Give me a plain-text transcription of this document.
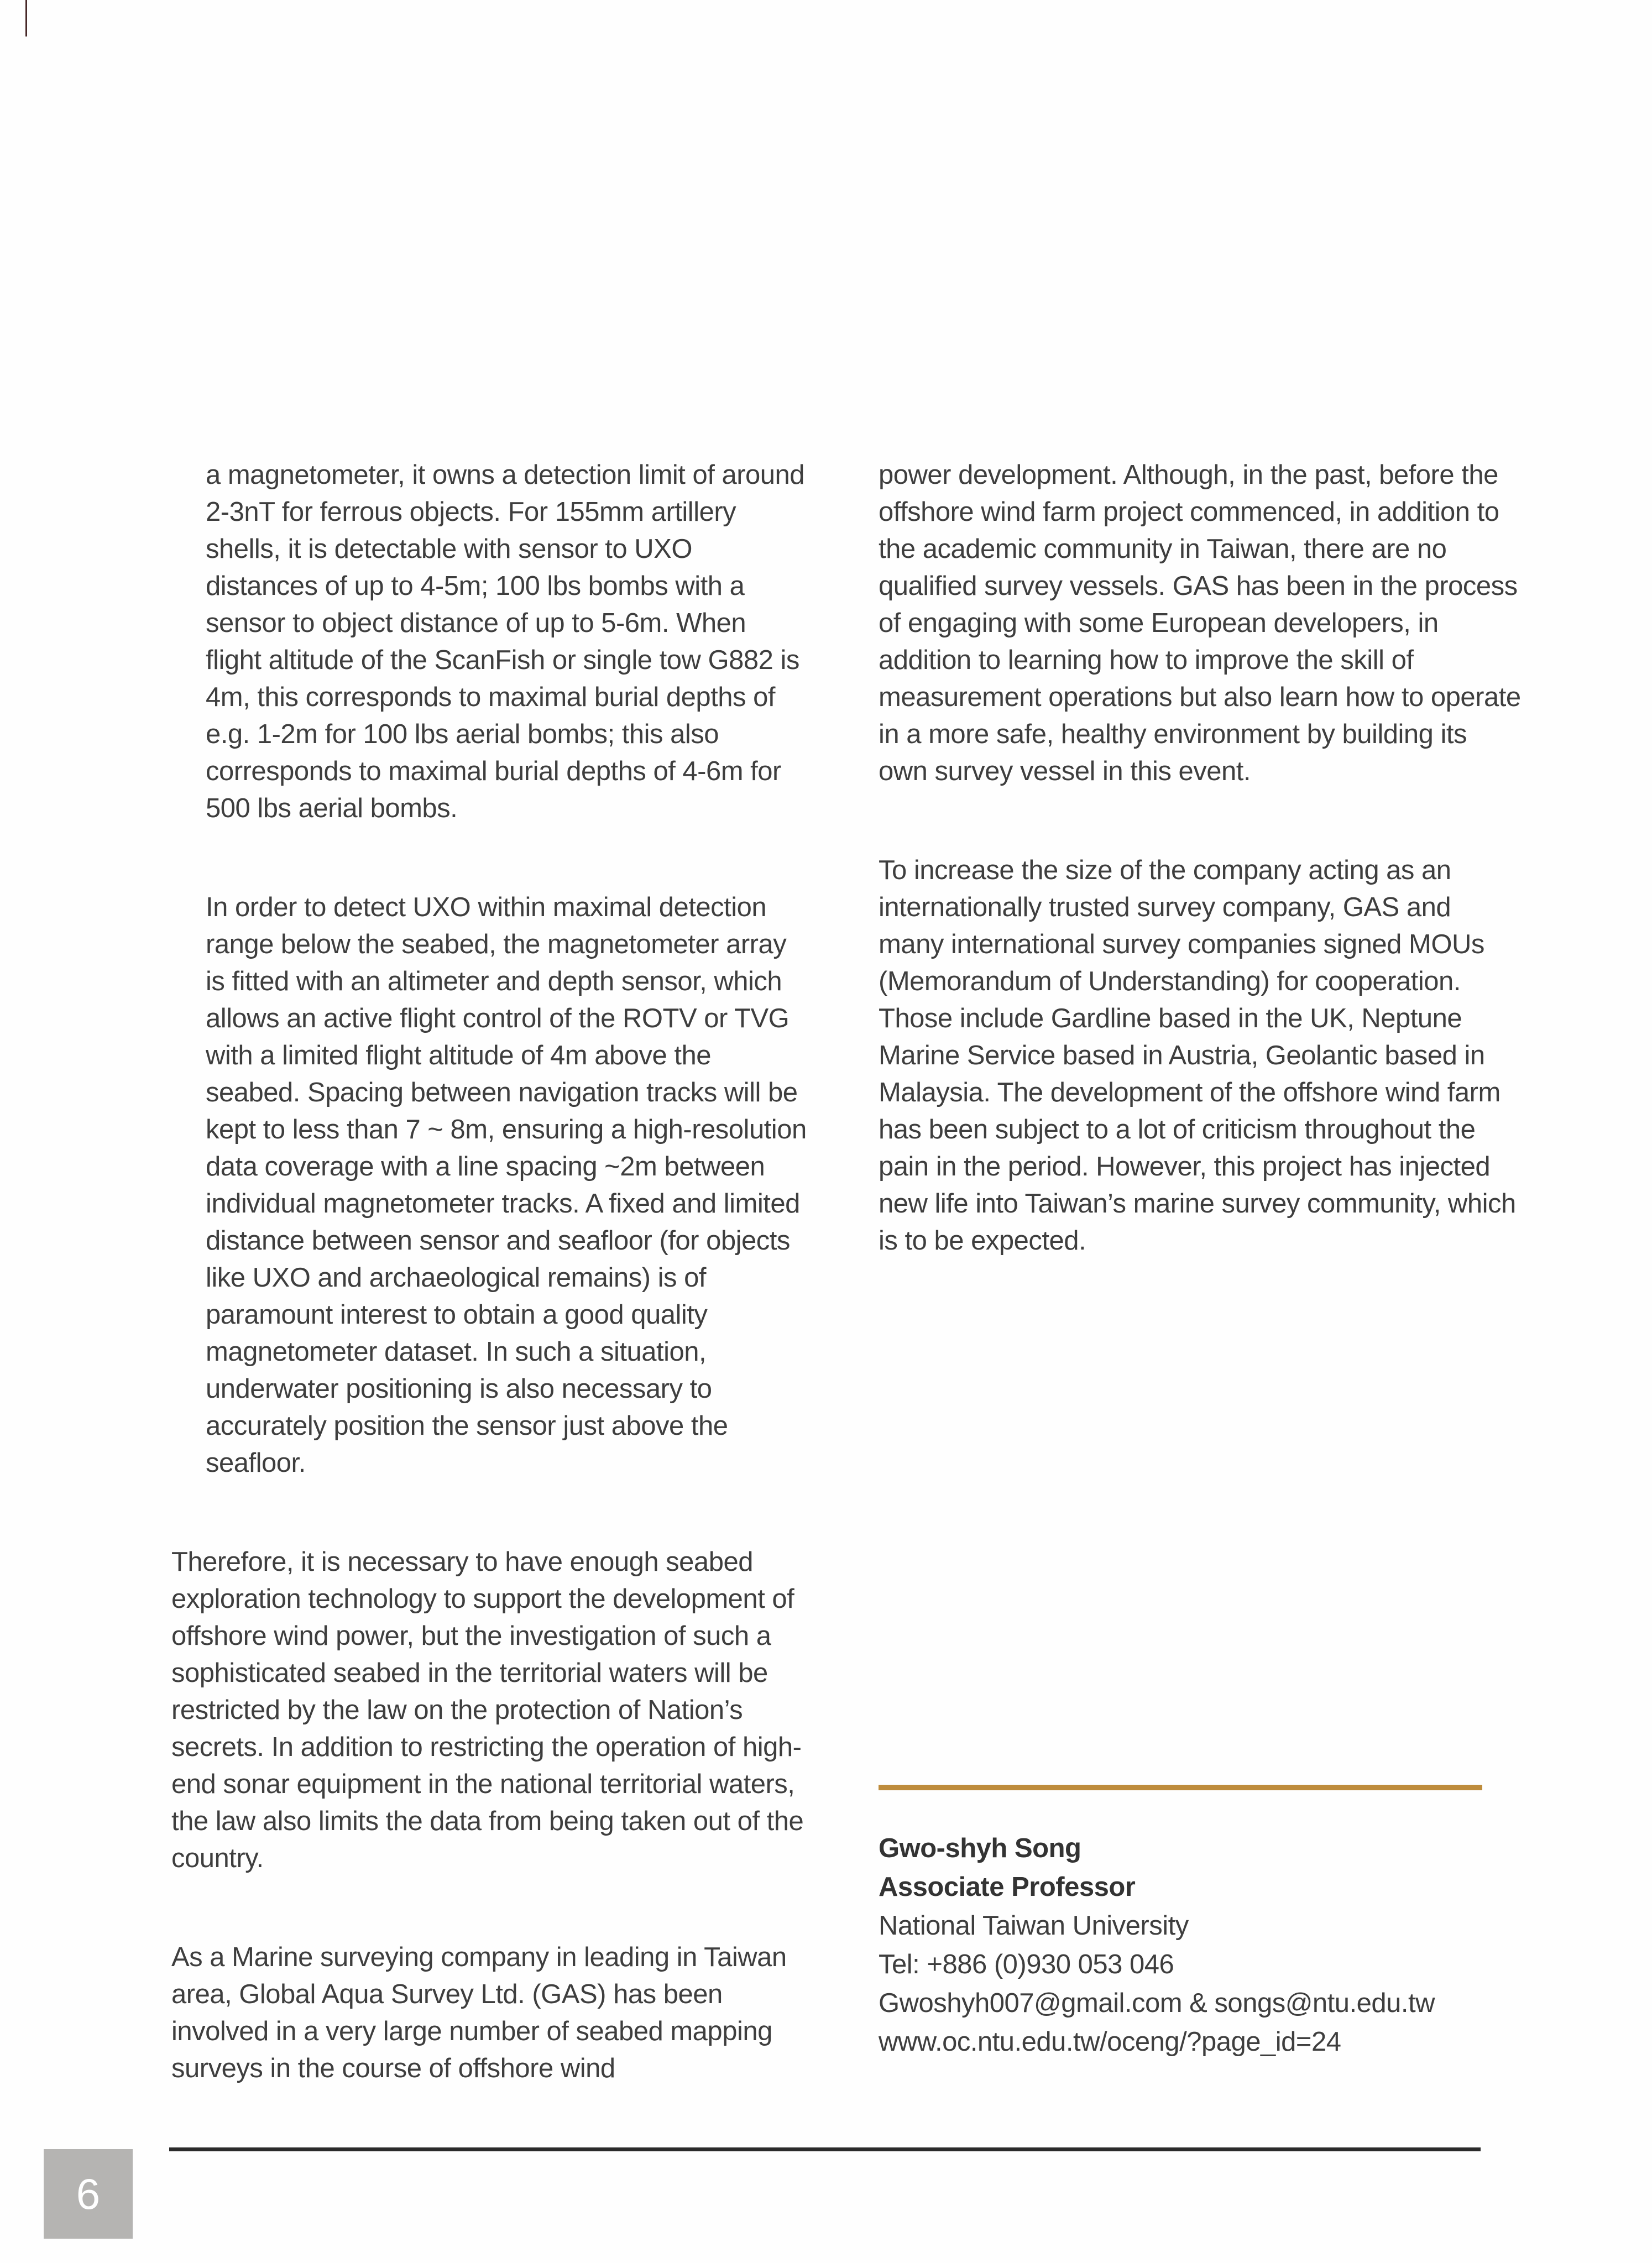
a magnetometer, it owns a detection limit of around 2-3nT for ferrous objects. For 155mm artillery shells, it is detectable with sensor to UXO distances of up to 4-5m; 100 lbs bombs with a sensor to object distance of up to 5-6m. When flight altitude of the ScanFish or single tow G882 is 4m, this corresponds to maximal burial depths of e.g. 1-2m for 100 lbs aerial bombs; this also corresponds to maximal burial depths of 4-6m for 500 lbs aerial bombs.

In order to detect UXO within maximal detection range below the seabed, the magnetometer array is fitted with an altimeter and depth sensor, which allows an active flight control of the ROTV or TVG with a limited flight altitude of 4m above the seabed. Spacing between navigation tracks will be kept to less than 7 ~ 8m, ensuring a high-resolution data coverage with a line spacing ~2m between individual magnetometer tracks. A fixed and limited distance between sensor and seafloor (for objects like UXO and archaeological remains) is of paramount interest to obtain a good quality magnetometer dataset. In such a situation, underwater positioning is also necessary to accurately position the sensor just above the seafloor.

Therefore, it is necessary to have enough seabed exploration technology to support the development of offshore wind power, but the investigation of such a sophisticated seabed in the territorial waters will be restricted by the law on the protection of Nation’s secrets. In addition to restricting the operation of high-end sonar equipment in the national territorial waters, the law also limits the data from being taken out of the country.

As a Marine surveying company in leading in Taiwan area, Global Aqua Survey Ltd. (GAS) has been involved in a very large number of seabed mapping surveys in the course of offshore wind

power development. Although, in the past, before the offshore wind farm project commenced, in addition to the academic community in Taiwan, there are no qualified survey vessels. GAS has been in the process of engaging with some European developers, in addition to learning how to improve the skill of measurement operations but also learn how to operate in a more safe, healthy environment by building its own survey vessel in this event.

To increase the size of the company acting as an internationally trusted survey company, GAS and many international survey companies signed MOUs (Memorandum of Understanding) for cooperation. Those include Gardline based in the UK, Neptune Marine Service based in Austria, Geolantic based in Malaysia. The development of the offshore wind farm has been subject to a lot of criticism throughout the pain in the period. However, this project has injected new life into Taiwan’s marine survey community, which is to be expected.

Gwo-shyh Song

Associate Professor

National Taiwan University

Tel: +886 (0)930 053 046

Gwoshyh007@gmail.com & songs@ntu.edu.tw

www.oc.ntu.edu.tw/oceng/?page_id=24

6
